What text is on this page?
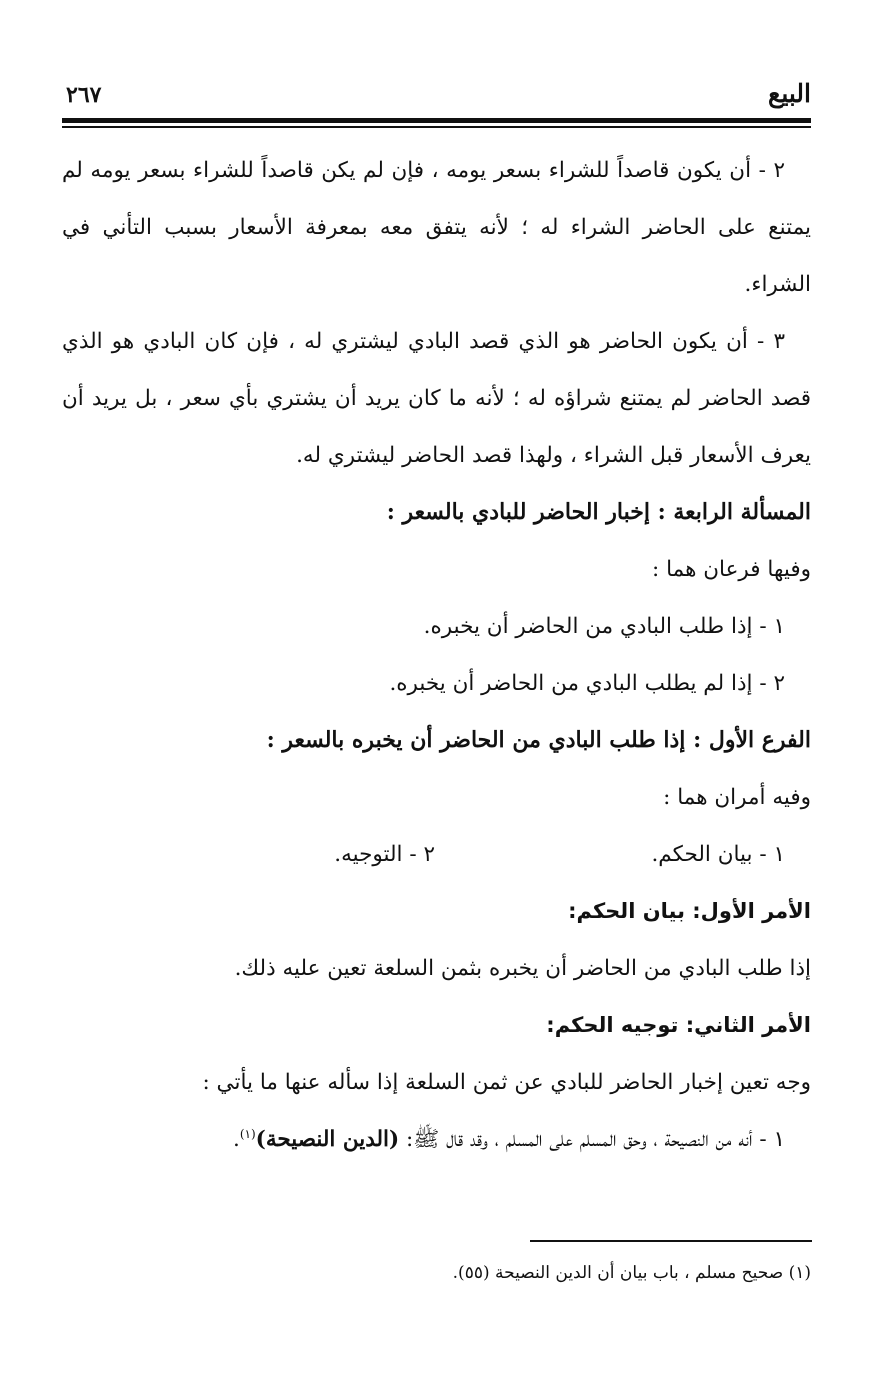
البيع
٢٦٧

٢ - أن يكون قاصداً للشراء بسعر يومه ، فإن لم يكن قاصداً للشراء بسعر يومه لم يمتنع على الحاضر الشراء له ؛ لأنه يتفق معه بمعرفة الأسعار بسبب التأني في الشراء.

٣ - أن يكون الحاضر هو الذي قصد البادي ليشتري له ، فإن كان البادي هو الذي قصد الحاضر لم يمتنع شراؤه له ؛ لأنه ما كان يريد أن يشتري بأي سعر ، بل يريد أن يعرف الأسعار قبل الشراء ، ولهذا قصد الحاضر ليشتري له.

المسألة الرابعة : إخبار الحاضر للبادي بالسعر :

وفيها فرعان هما :

١ - إذا طلب البادي من الحاضر أن يخبره.

٢ - إذا لم يطلب البادي من الحاضر أن يخبره.

الفرع الأول : إذا طلب البادي من الحاضر أن يخبره بالسعر :

وفيه أمران هما :

١ - بيان الحكم.
٢ - التوجيه.

الأمر الأول: بيان الحكم:

إذا طلب البادي من الحاضر أن يخبره بثمن السلعة تعين عليه ذلك.

الأمر الثاني: توجيه الحكم:

وجه تعين إخبار الحاضر للبادي عن ثمن السلعة إذا سأله عنها ما يأتي :

١ - أنه من النصيحة ، وحق المسلم على المسلم ، وقد قال ﷺ: (الدين النصيحة)$^{(١)}$.

(١) صحيح مسلم ، باب بيان أن الدين النصيحة (٥٥).
